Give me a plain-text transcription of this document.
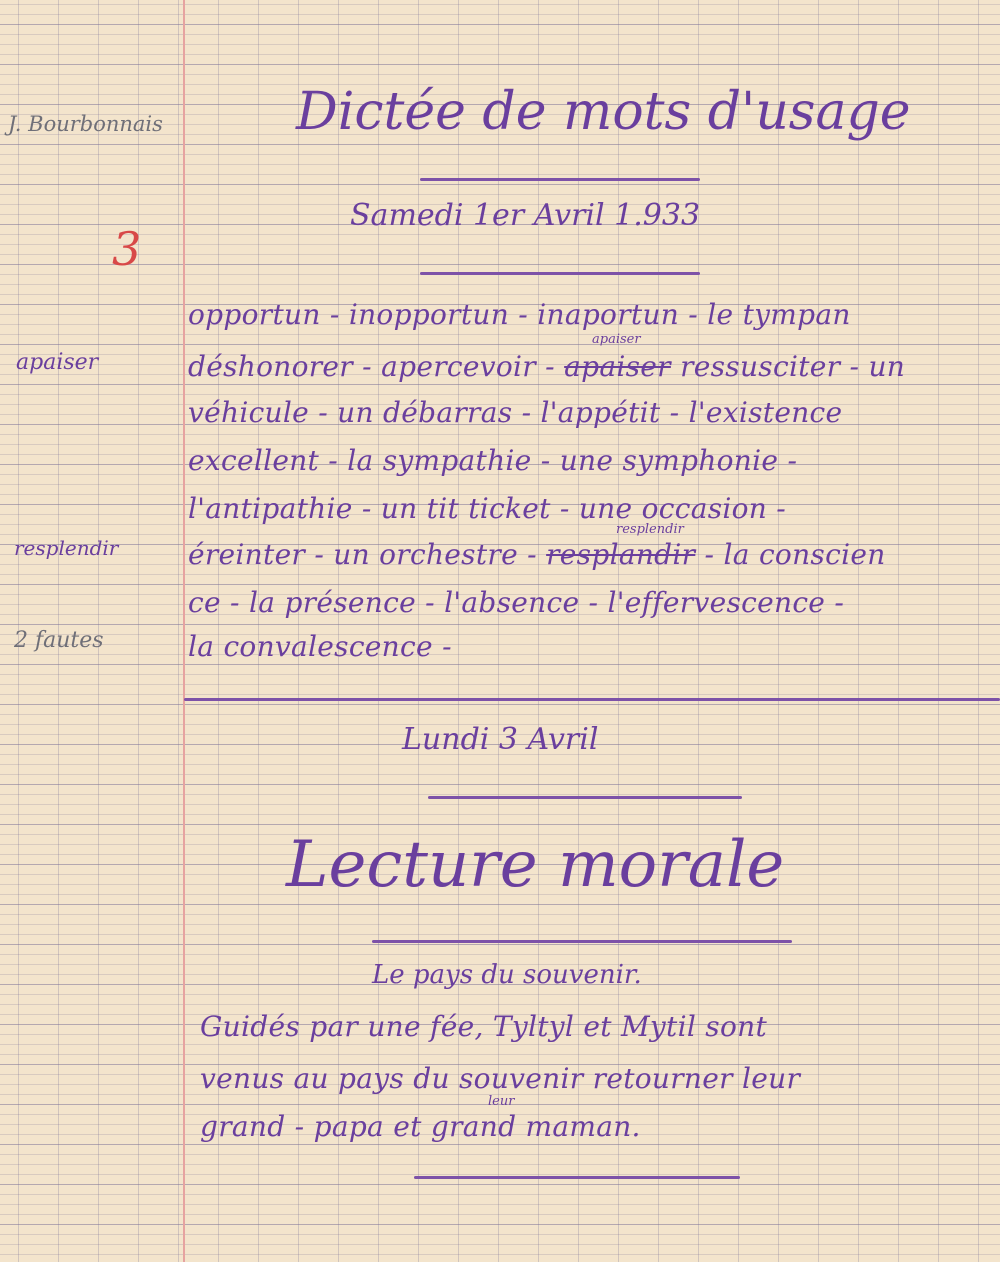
J. Bourbonnais
3
apaiser
resplendir
2 fautes
Dictée de mots d'usage
Samedi 1er Avril 1.933
opportun - inopportun - inaportun - le tympan
déshonorer - apercevoir - apaiser ressusciter - un
apaiser
véhicule - un débarras - l'appétit - l'existence
excellent - la sympathie - une symphonie -
l'antipathie - un tit ticket - une occasion -
éreinter - un orchestre - resplandir - la conscien
resplendir
ce - la présence - l'absence - l'effervescence -
la convalescence -
Lundi 3 Avril
Lecture morale
Le pays du souvenir.
Guidés par une fée, Tyltyl et Mytil sont
venus au pays du souvenir retourner leur
leur
grand - papa et grand maman.
